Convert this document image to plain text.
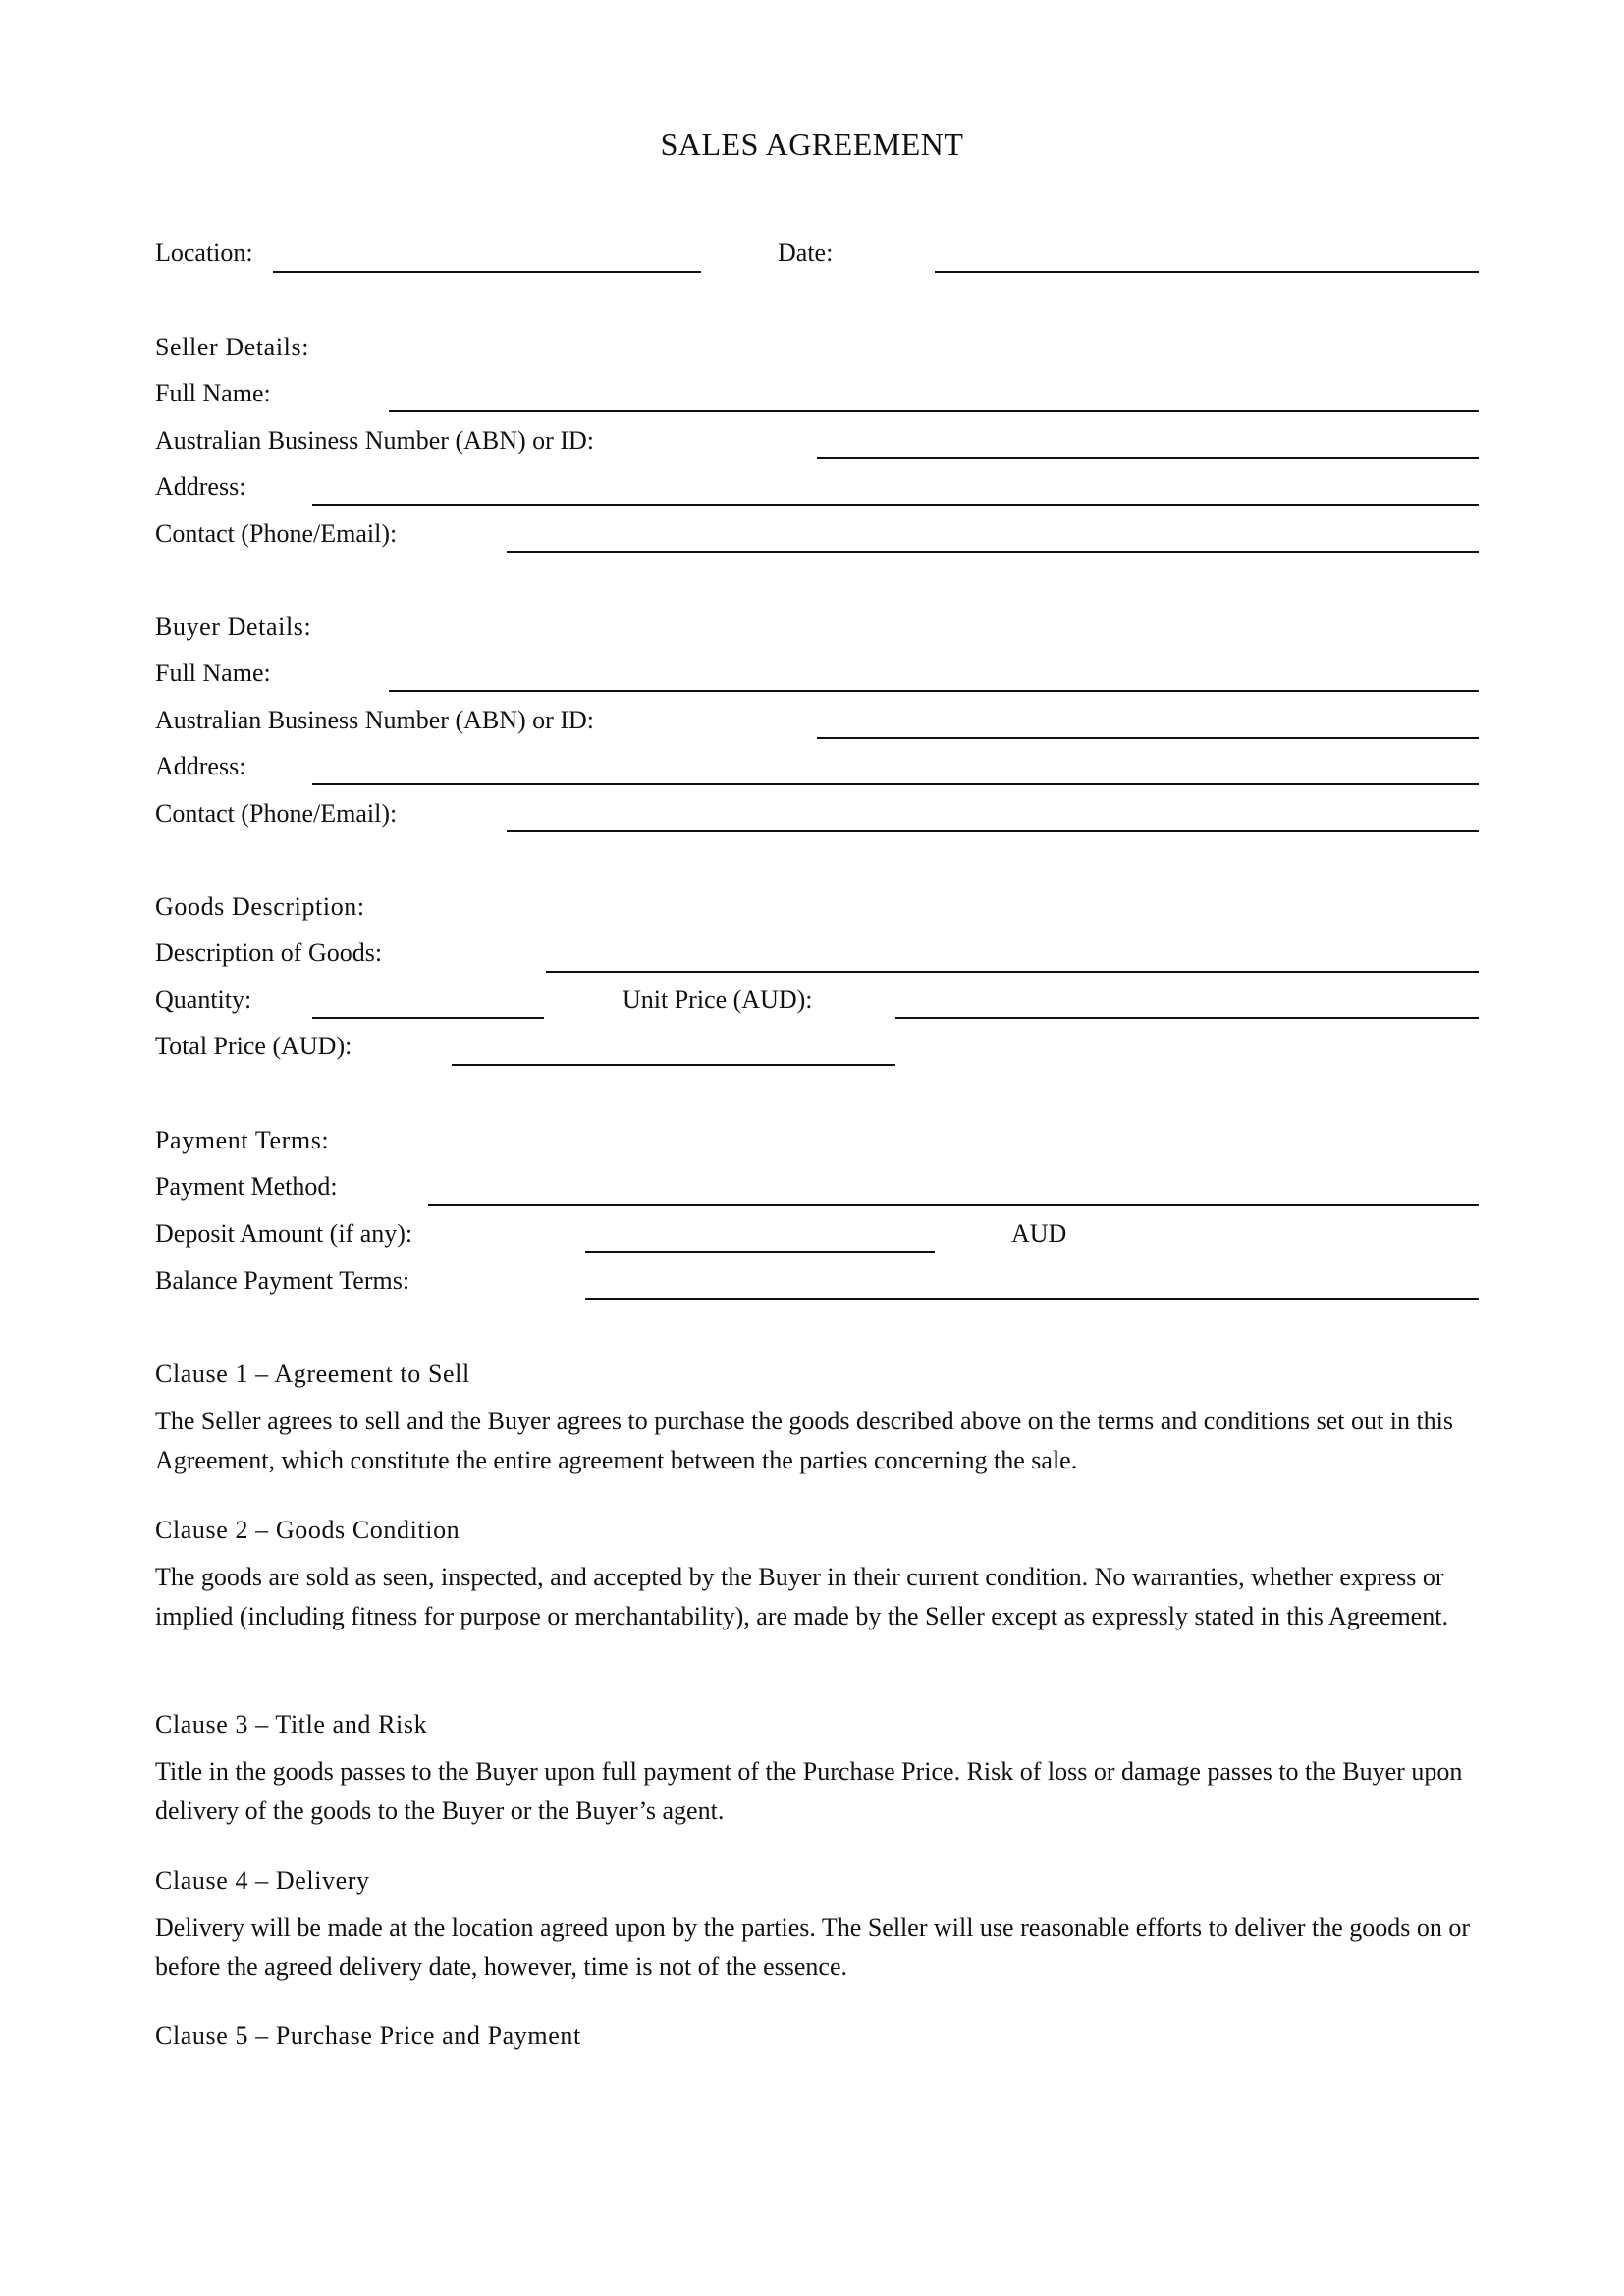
SALES AGREEMENT
Location:	Date:
Seller Details:
Full Name:
Australian Business Number (ABN) or ID:
Address:
Contact (Phone/Email):
Buyer Details:
Full Name:
Australian Business Number (ABN) or ID:
Address:
Contact (Phone/Email):
Goods Description:
Description of Goods:
Quantity:	Unit Price (AUD):
Total Price (AUD):
Payment Terms:
Payment Method:
Deposit Amount (if any):	AUD
Balance Payment Terms:
Clause 1 – Agreement to Sell
The Seller agrees to sell and the Buyer agrees to purchase the goods described above on the terms and conditions set out in this Agreement, which constitute the entire agreement between the parties concerning the sale.
Clause 2 – Goods Condition
The goods are sold as seen, inspected, and accepted by the Buyer in their current condition. No warranties, whether express or implied (including fitness for purpose or merchantability), are made by the Seller except as expressly stated in this Agreement.
Clause 3 – Title and Risk
Title in the goods passes to the Buyer upon full payment of the Purchase Price. Risk of loss or damage passes to the Buyer upon delivery of the goods to the Buyer or the Buyer’s agent.
Clause 4 – Delivery
Delivery will be made at the location agreed upon by the parties. The Seller will use reasonable efforts to deliver the goods on or before the agreed delivery date, however, time is not of the essence.
Clause 5 – Purchase Price and Payment
